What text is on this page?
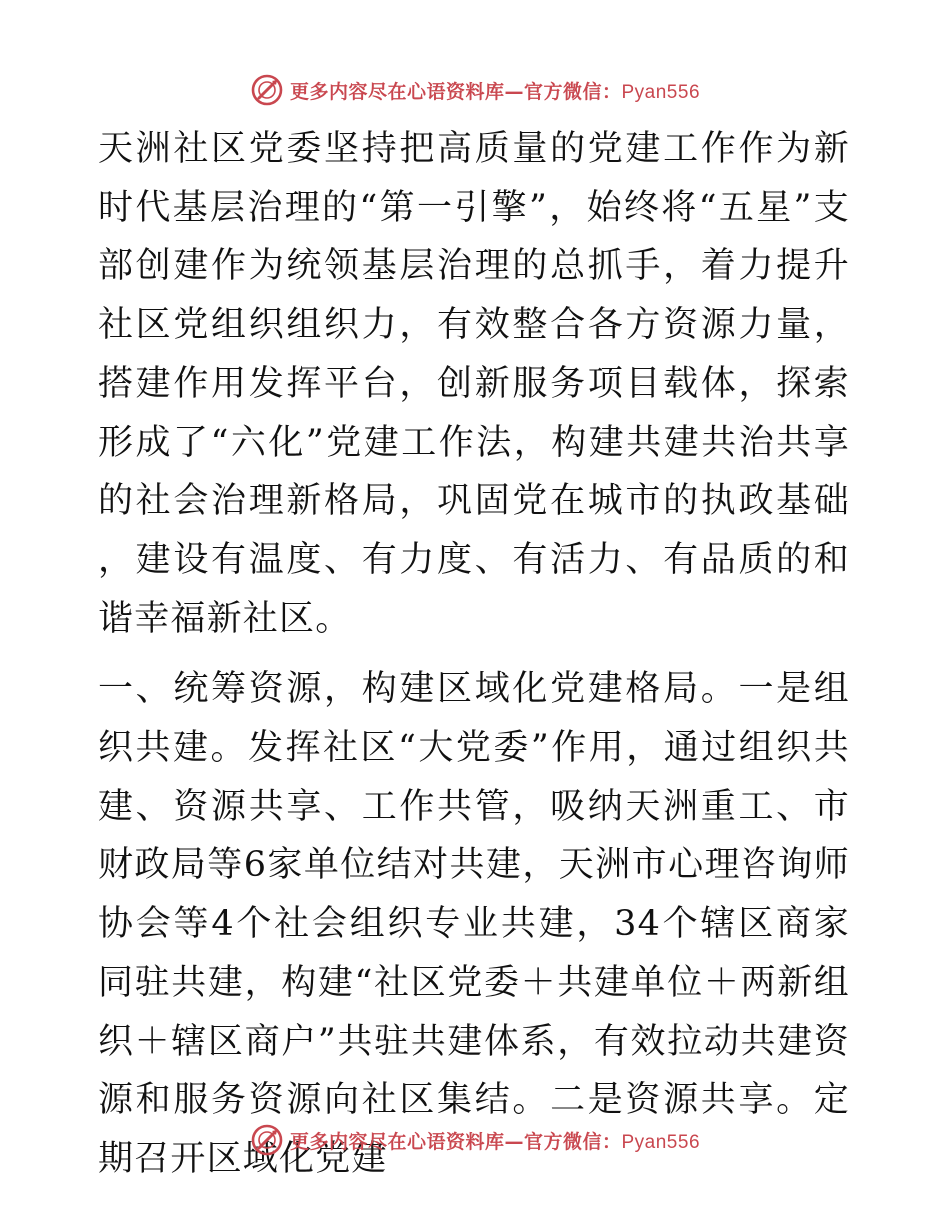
更多内容尽在心语资料库—官方微信：Pyan556

天洲社区党委坚持把高质量的党建工作作为新时代基层治理的“第一引擎”，始终将“五星”支部创建作为统领基层治理的总抓手，着力提升社区党组织组织力，有效整合各方资源力量，搭建作用发挥平台，创新服务项目载体，探索形成了“六化”党建工作法，构建共建共治共享的社会治理新格局，巩固党在城市的执政基础，建设有温度、有力度、有活力、有品质的和谐幸福新社区。

一、统筹资源，构建区域化党建格局。一是组织共建。发挥社区“大党委”作用，通过组织共建、资源共享、工作共管，吸纳天洲重工、市财政局等6家单位结对共建，天洲市心理咨询师协会等4个社会组织专业共建，34个辖区商家同驻共建，构建“社区党委＋共建单位＋两新组织＋辖区商户”共驻共建体系，有效拉动共建资源和服务资源向社区集结。二是资源共享。定期召开区域化党建

更多内容尽在心语资料库—官方微信：Pyan556
